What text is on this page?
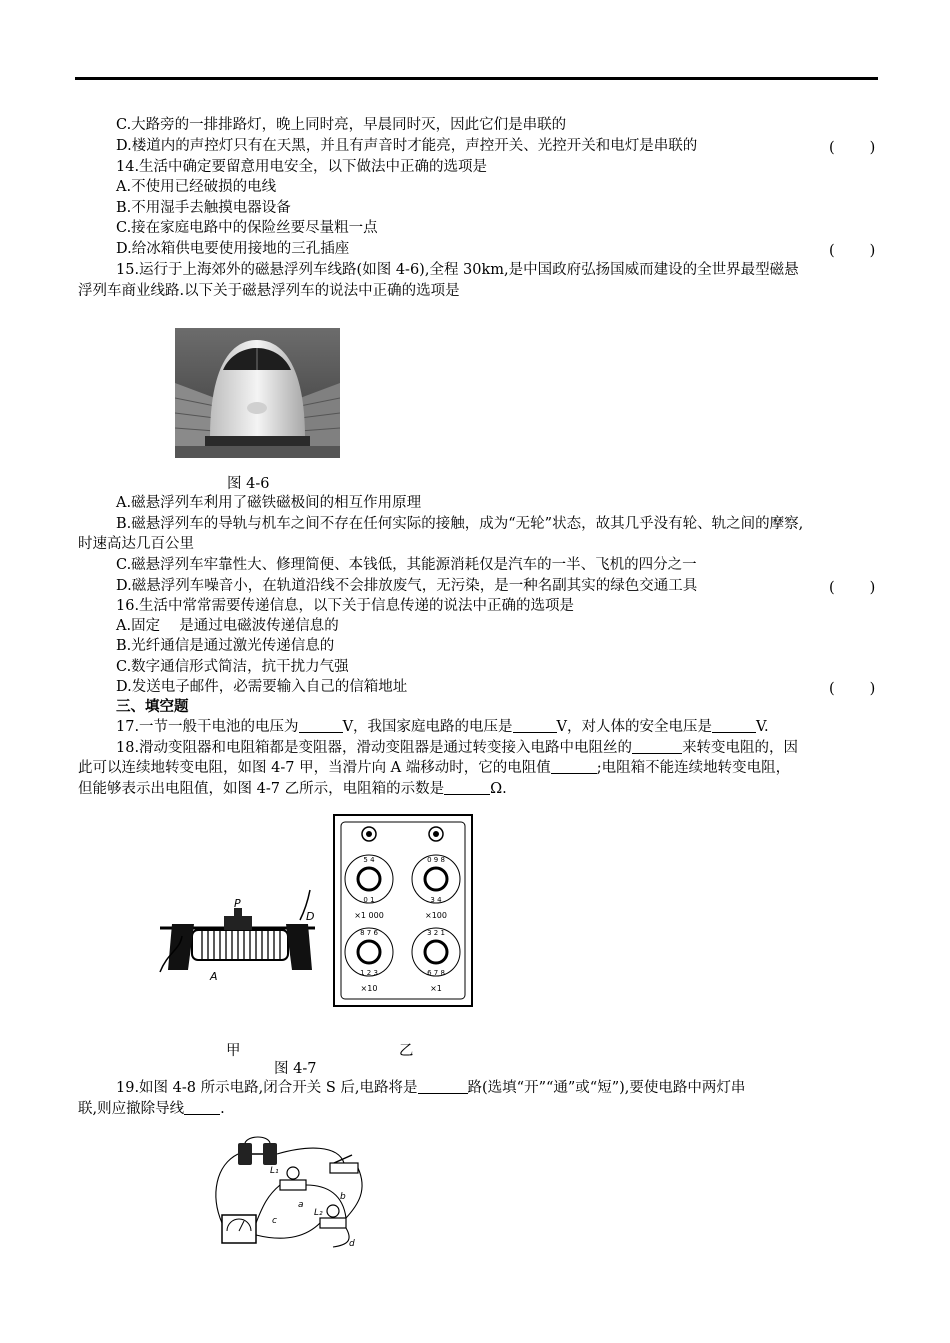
C.大路旁的一排排路灯，晚上同时亮，早晨同时灭，因此它们是串联的
D.楼道内的声控灯只有在天黑，并且有声音时才能亮，声控开关、光控开关和电灯是串联的	(　　)
14.生活中确定要留意用电安全，以下做法中正确的选项是
A.不使用已经破损的电线
B.不用湿手去触摸电器设备
C.接在家庭电路中的保险丝要尽量粗一点
D.给冰箱供电要使用接地的三孔插座	(　　)
15.运行于上海郊外的磁悬浮列车线路(如图 4-6),全程 30km,是中国政府弘扬国威而建设的全世界最型磁悬
浮列车商业线路.以下关于磁悬浮列车的说法中正确的选项是
图 4-6
A.磁悬浮列车利用了磁铁磁极间的相互作用原理
B.磁悬浮列车的导轨与机车之间不存在任何实际的接触，成为“无轮”状态，故其几乎没有轮、轨之间的摩察,
时速高达几百公里
C.磁悬浮列车牢靠性大、修理简便、本钱低，其能源消耗仅是汽车的一半、飞机的四分之一
D.磁悬浮列车噪音小，在轨道沿线不会排放废气，无污染，是一种名副其实的绿色交通工具	(　　)
16.生活中常常需要传递信息，以下关于信息传递的说法中正确的选项是
A.固定　 是通过电磁波传递信息的
B.光纤通信是通过激光传递信息的
C.数字通信形式简洁，抗干扰力气强
D.发送电子邮件，必需要输入自己的信箱地址	(　　)
三、填空题
17.一节一般干电池的电压为	V，我国家庭电路的电压是	V，对人体的安全电压是	V.
18.滑动变阻器和电阻箱都是变阻器，滑动变阻器是通过转变接入电路中电阻丝的	来转变电阻的，因
此可以连续地转变电阻，如图 4-7 甲，当滑片向 A 端移动时，它的电阻值	;电阻箱不能连续地转变电阻，
但能够表示出电阻值，如图 4-7 乙所示，电阻箱的示数是	Ω.
P
D
A
5 4
0 1
0 9 8
3 4
8 7 6
1 2 3
3 2 1
6 7 8
×1 000	×100
×10	×1
甲	乙
图 4-7
19.如图 4-8 所示电路,闭合开关 S 后,电路将是	路(选填“开”“通”或“短”),要使电路中两灯串
联,则应撤除导线 .
L₁
L₂
a
b
c
d
